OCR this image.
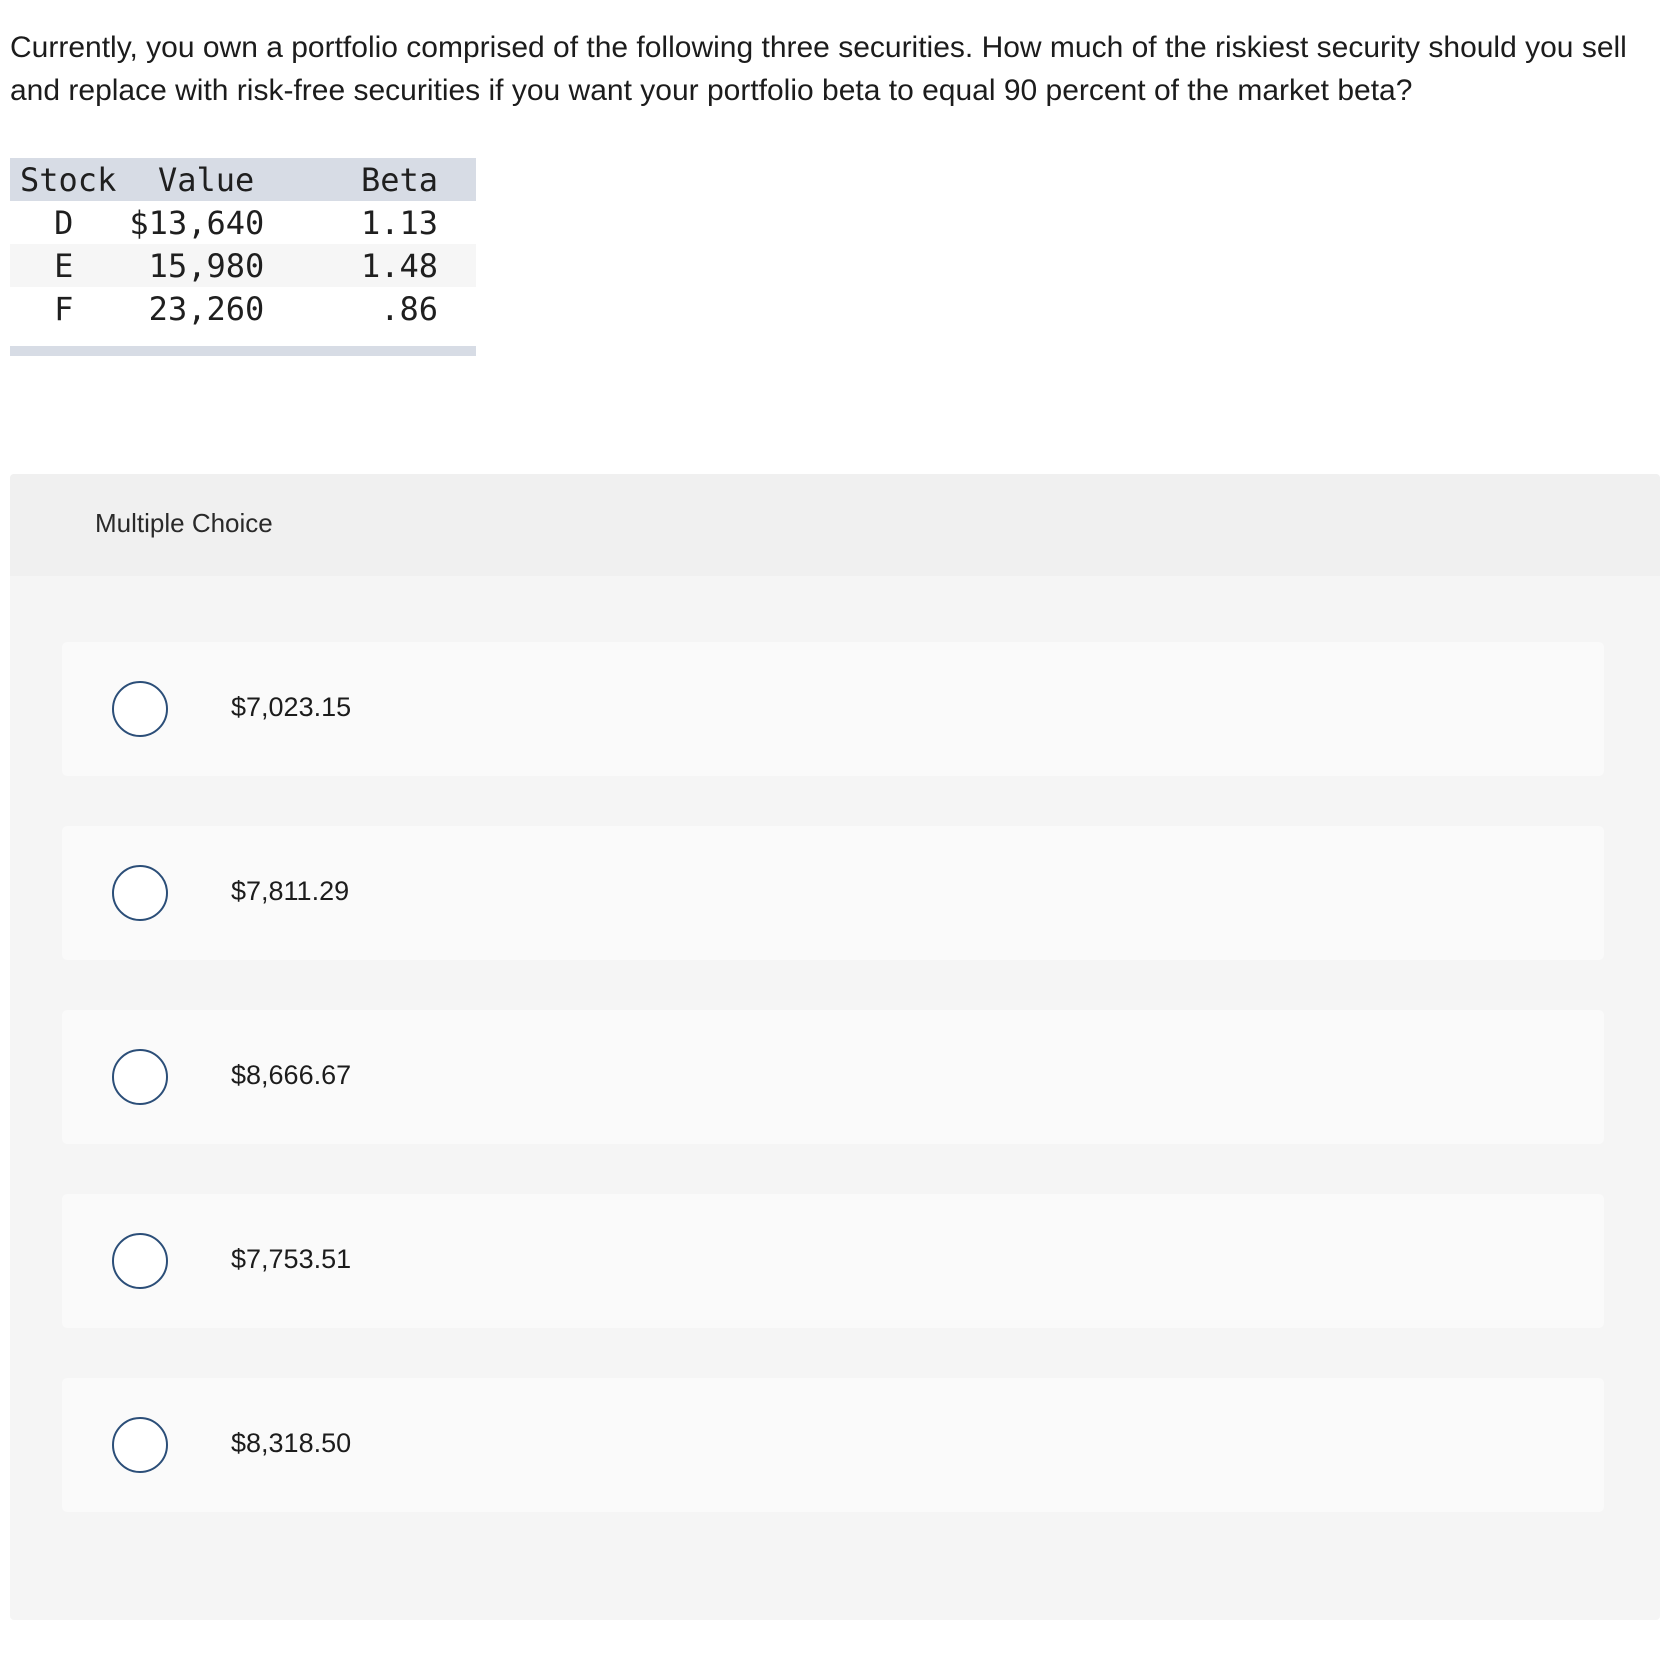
Currently, you own a portfolio comprised of the following three securities. How much of the riskiest security should you sell and replace with risk-free securities if you want your portfolio beta to equal 90 percent of the market beta?

Stock	Value	Beta
D	$13,640	1.13
E	15,980	1.48
F	23,260	.86
Multiple Choice
$7,023.15
$7,811.29
$8,666.67
$7,753.51
$8,318.50
